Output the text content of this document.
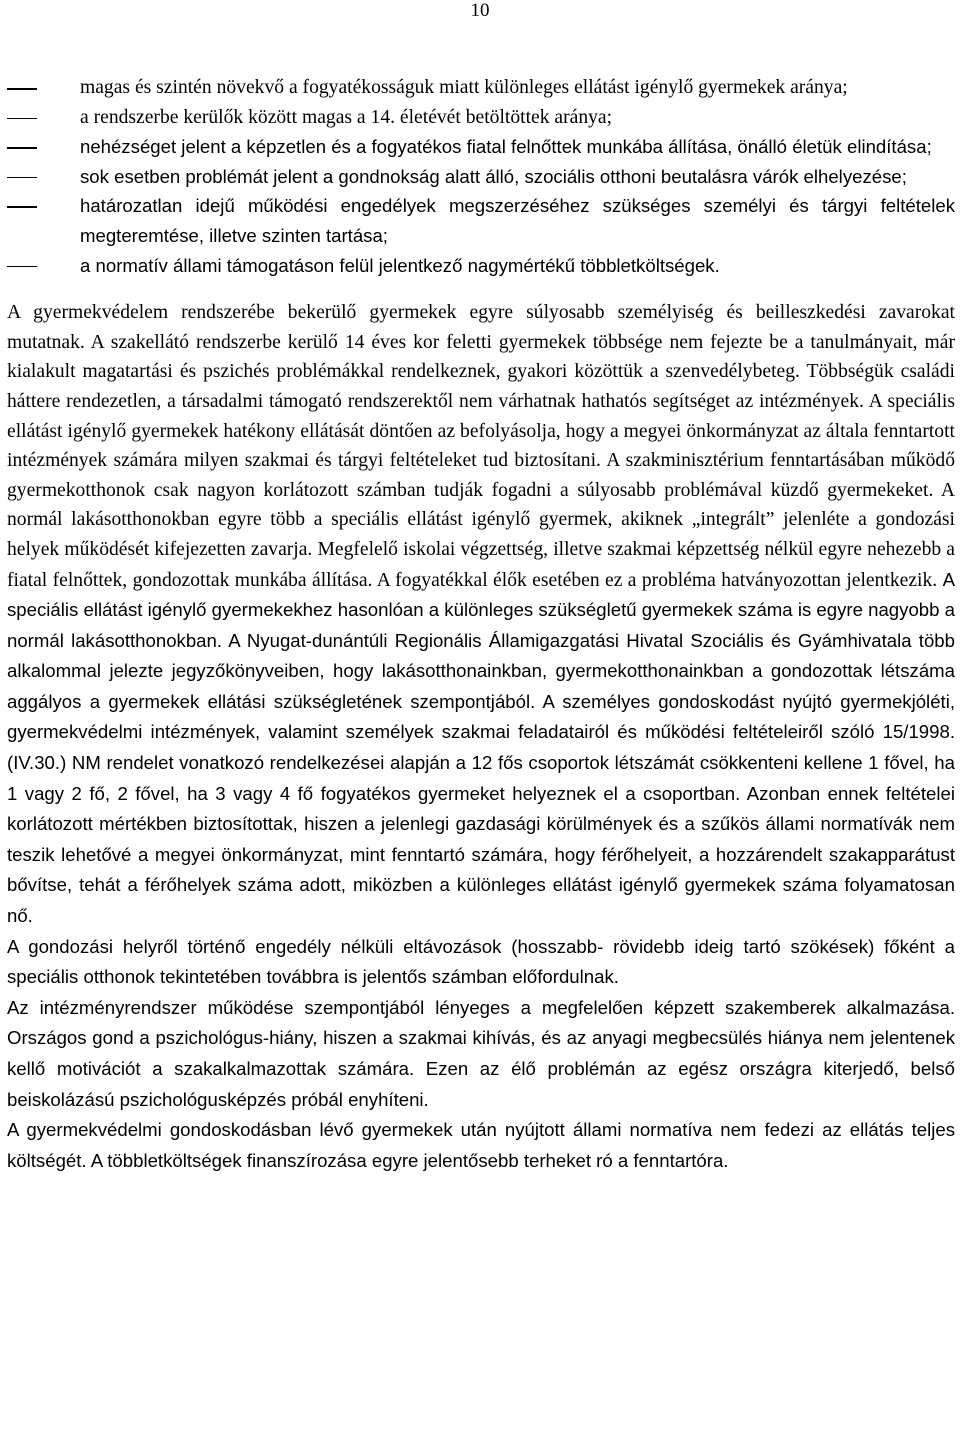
10
magas és szintén növekvő a fogyatékosságuk miatt különleges ellátást igénylő gyermekek aránya;
a rendszerbe kerülők között magas a 14. életévét betöltöttek aránya;
nehézséget jelent a képzetlen és a fogyatékos fiatal felnőttek munkába állítása, önálló életük elindítása;
sok esetben problémát jelent a gondnokság alatt álló, szociális otthoni beutalásra várók elhelyezése;
határozatlan idejű működési engedélyek megszerzéséhez szükséges személyi és tárgyi feltételek megteremtése, illetve szinten tartása;
a normatív állami támogatáson felül jelentkező nagymértékű többletköltségek.

A gyermekvédelem rendszerébe bekerülő gyermekek egyre súlyosabb személyiség és beilleszkedési zavarokat mutatnak. A szakellátó rendszerbe kerülő 14 éves kor feletti gyermekek többsége nem fejezte be a tanulmányait, már kialakult magatartási és pszichés problémákkal rendelkeznek, gyakori közöttük a szenvedélybeteg. Többségük családi háttere rendezetlen, a társadalmi támogató rendszerektől nem várhatnak hathatós segítséget az intézmények. A speciális ellátást igénylő gyermekek hatékony ellátását döntően az befolyásolja, hogy a megyei önkormányzat az általa fenntartott intézmények számára milyen szakmai és tárgyi feltételeket tud biztosítani. A szakminisztérium fenntartásában működő gyermekotthonok csak nagyon korlátozott számban tudják fogadni a súlyosabb problémával küzdő gyermekeket. A normál lakásotthonokban egyre több a speciális ellátást igénylő gyermek, akiknek „integrált” jelenléte a gondozási helyek működését kifejezetten zavarja. Megfelelő iskolai végzettség, illetve szakmai képzettség nélkül egyre nehezebb a fiatal felnőttek, gondozottak munkába állítása. A fogyatékkal élők esetében ez a probléma hatványozottan jelentkezik. A speciális ellátást igénylő gyermekekhez hasonlóan a különleges szükségletű gyermekek száma is egyre nagyobb a normál lakásotthonokban. A Nyugat-dunántúli Regionális Államigazgatási Hivatal Szociális és Gyámhivatala több alkalommal jelezte jegyzőkönyveiben, hogy lakásotthonainkban, gyermekotthonainkban a gondozottak létszáma aggályos a gyermekek ellátási szükségletének szempontjából. A személyes gondoskodást nyújtó gyermekjóléti, gyermekvédelmi intézmények, valamint személyek szakmai feladatairól és működési feltételeiről szóló 15/1998. (IV.30.) NM rendelet vonatkozó rendelkezései alapján a 12 fős csoportok létszámát csökkenteni kellene 1 fővel, ha 1 vagy 2 fő, 2 fővel, ha 3 vagy 4 fő fogyatékos gyermeket helyeznek el a csoportban. Azonban ennek feltételei korlátozott mértékben biztosítottak, hiszen a jelenlegi gazdasági körülmények és a szűkös állami normatívák nem teszik lehetővé a megyei önkormányzat, mint fenntartó számára, hogy férőhelyeit, a hozzárendelt szakapparátust bővítse, tehát a férőhelyek száma adott, miközben a különleges ellátást igénylő gyermekek száma folyamatosan nő.

A gondozási helyről történő engedély nélküli eltávozások (hosszabb- rövidebb ideig tartó szökések) főként a speciális otthonok tekintetében továbbra is jelentős számban előfordulnak.

Az intézményrendszer működése szempontjából lényeges a megfelelően képzett szakemberek alkalmazása. Országos gond a pszichológus-hiány, hiszen a szakmai kihívás, és az anyagi megbecsülés hiánya nem jelentenek kellő motivációt a szakalkalmazottak számára. Ezen az élő problémán az egész országra kiterjedő, belső beiskolázású pszichológusképzés próbál enyhíteni.

A gyermekvédelmi gondoskodásban lévő gyermekek után nyújtott állami normatíva nem fedezi az ellátás teljes költségét. A többletköltségek finanszírozása egyre jelentősebb terheket ró a fenntartóra.
